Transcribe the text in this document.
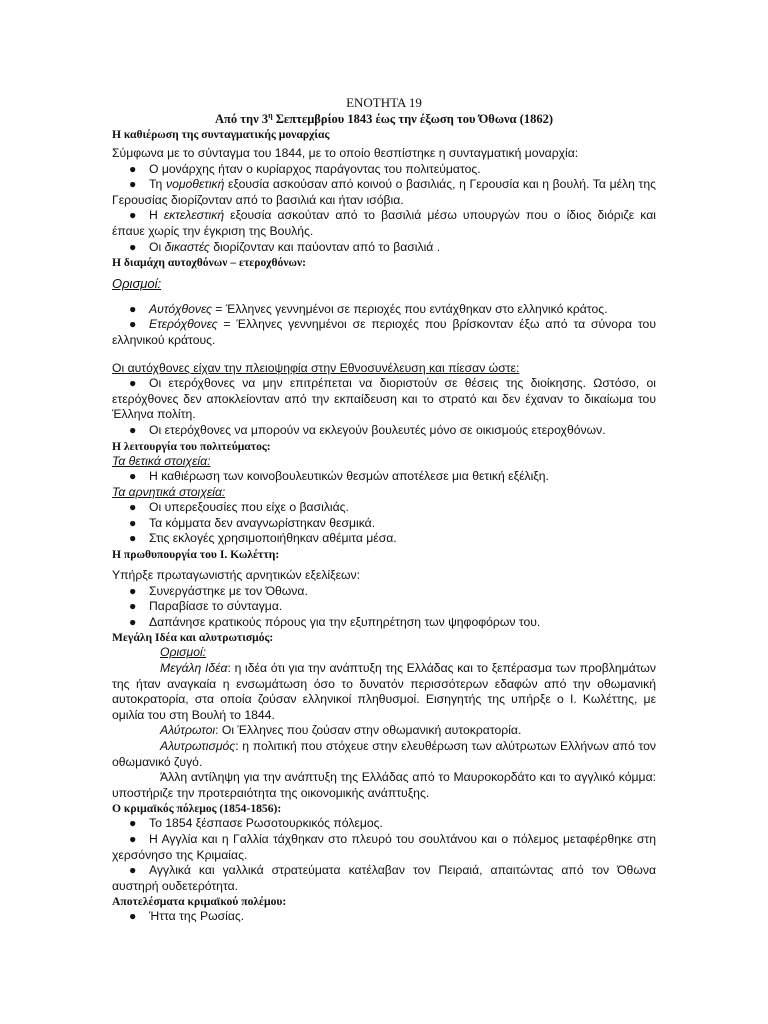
ΕΝΟΤΗΤΑ 19

Από την $3^\eta$ Σεπτεμβρίου 1843 έως την έξωση του Όθωνα (1862)

Η καθιέρωση της συνταγματικής μοναρχίας

Σύμφωνα με το σύνταγμα του 1844, με το οποίο θεσπίστηκε η συνταγματική μοναρχία:

● Ο μονάρχης ήταν ο κυρίαρχος παράγοντας του πολιτεύματος.
● Τη νομοθετική εξουσία ασκούσαν από κοινού ο βασιλιάς, η Γερουσία και η βουλή. Τα μέλη της Γερουσίας διορίζονταν από το βασιλιά και ήταν ισόβια.
● Η εκτελεστική εξουσία ασκούταν από το βασιλιά μέσω υπουργών που ο ίδιος διόριζε και έπαυε χωρίς την έγκριση της Βουλής.
● Οι δικαστές διορίζονταν και παύονταν από το βασιλιά .

Η διαμάχη αυτοχθόνων – ετεροχθόνων:

Ορισμοί:

● Αυτόχθονες = Έλληνες γεννημένοι σε περιοχές που εντάχθηκαν στο ελληνικό κράτος.
● Ετερόχθονες = Έλληνες γεννημένοι σε περιοχές που βρίσκονταν έξω από τα σύνορα του ελληνικού κράτους.

Οι αυτόχθονες είχαν την πλειοψηφία στην Εθνοσυνέλευση και πίεσαν ώστε:

● Οι ετερόχθονες να μην επιτρέπεται να διοριστούν σε θέσεις της διοίκησης. Ωστόσο, οι ετερόχθονες δεν αποκλείονταν από την εκπαίδευση και το στρατό και δεν έχαναν το δικαίωμα του Έλληνα πολίτη.
● Οι ετερόχθονες να μπορούν να εκλεγούν βουλευτές μόνο σε οικισμούς ετεροχθόνων.

Η λειτουργία του πολιτεύματος:

Τα θετικά στοιχεία:

● Η καθιέρωση των κοινοβουλευτικών θεσμών αποτέλεσε μια θετική εξέλιξη.

Τα αρνητικά στοιχεία:

● Οι υπερεξουσίες που είχε ο βασιλιάς.
● Τα κόμματα δεν αναγνωρίστηκαν θεσμικά.
● Στις εκλογές χρησιμοποιήθηκαν αθέμιτα μέσα.

Η πρωθυπουργία του Ι. Κωλέττη:

Υπήρξε πρωταγωνιστής αρνητικών εξελίξεων:

● Συνεργάστηκε με τον Όθωνα.
● Παραβίασε το σύνταγμα.
● Δαπάνησε κρατικούς πόρους για την εξυπηρέτηση των ψηφοφόρων του.

Μεγάλη Ιδέα και αλυτρωτισμός:

Ορισμοί:

Μεγάλη Ιδέα: η ιδέα ότι για την ανάπτυξη της Ελλάδας και το ξεπέρασμα των προβλημάτων της ήταν αναγκαία η ενσωμάτωση όσο το δυνατόν περισσότερων εδαφών από την οθωμανική αυτοκρατορία, στα οποία ζούσαν ελληνικοί πληθυσμοί. Εισηγητής της υπήρξε ο Ι. Κωλέττης, με ομιλία του στη Βουλή το 1844.

Αλύτρωτοι: Οι Έλληνες που ζούσαν στην οθωμανική αυτοκρατορία.

Αλυτρωτισμός: η πολιτική που στόχευε στην ελευθέρωση των αλύτρωτων Ελλήνων από τον οθωμανικό ζυγό.

Άλλη αντίληψη για την ανάπτυξη της Ελλάδας από το Μαυροκορδάτο και το αγγλικό κόμμα: υποστήριζε την προτεραιότητα της οικονομικής ανάπτυξης.

Ο κριμαϊκός πόλεμος (1854-1856):

● Το 1854 ξέσπασε Ρωσοτουρκικός πόλεμος.
● Η Αγγλία και η Γαλλία τάχθηκαν στο πλευρό του σουλτάνου και ο πόλεμος μεταφέρθηκε στη χερσόνησο της Κριμαίας.
● Αγγλικά και γαλλικά στρατεύματα κατέλαβαν τον Πειραιά, απαιτώντας από τον Όθωνα αυστηρή ουδετερότητα.

Αποτελέσματα κριμαϊκού πολέμου:

● Ήττα της Ρωσίας.
